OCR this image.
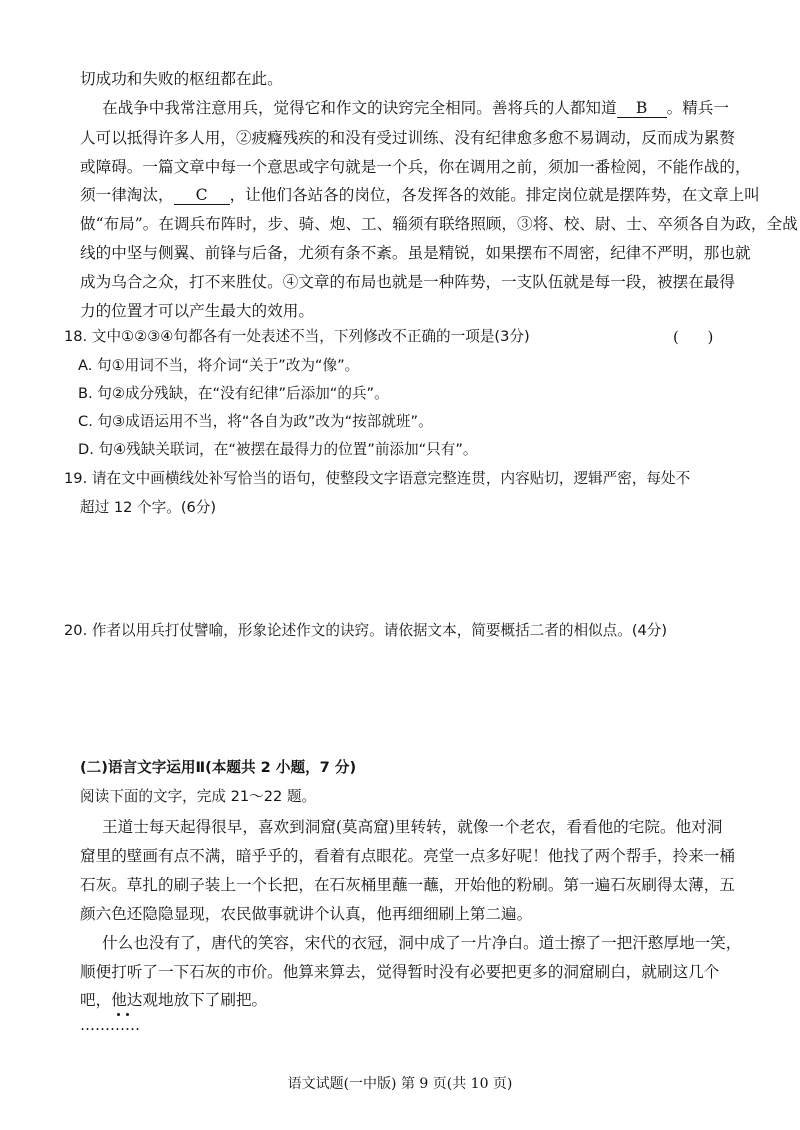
切成功和失败的枢纽都在此。

在战争中我常注意用兵，觉得它和作文的诀窍完全相同。善将兵的人都知道 B 。精兵一

人可以抵得许多人用，②疲癃残疾的和没有受过训练、没有纪律愈多愈不易调动，反而成为累赘

或障碍。一篇文章中每一个意思或字句就是一个兵，你在调用之前，须加一番检阅，不能作战的，

须一律淘汰， C ，让他们各站各的岗位，各发挥各的效能。排定岗位就是摆阵势，在文章上叫

做“布局”。在调兵布阵时，步、骑、炮、工、辎须有联络照顾，③将、校、尉、士、卒须各自为政，全战

线的中坚与侧翼、前锋与后备，尤须有条不紊。虽是精锐，如果摆布不周密，纪律不严明，那也就

成为乌合之众，打不来胜仗。④文章的布局也就是一种阵势，一支队伍就是每一段，被摆在最得

力的位置才可以产生最大的效用。

18. 文中①②③④句都各有一处表述不当，下列修改不正确的一项是(3分)	(      )

A. 句①用词不当，将介词“关于”改为“像”。

B. 句②成分残缺，在“没有纪律”后添加“的兵”。

C. 句③成语运用不当，将“各自为政”改为“按部就班”。

D. 句④残缺关联词，在“被摆在最得力的位置”前添加“只有”。

19. 请在文中画横线处补写恰当的语句，使整段文字语意完整连贯，内容贴切，逻辑严密，每处不

超过 12 个字。(6分)

20. 作者以用兵打仗譬喻，形象论述作文的诀窍。请依据文本，简要概括二者的相似点。(4分)

(二)语言文字运用Ⅱ(本题共 2 小题，7 分)

阅读下面的文字，完成 21～22 题。

王道士每天起得很早，喜欢到洞窟(莫高窟)里转转，就像一个老农，看看他的宅院。他对洞

窟里的壁画有点不满，暗乎乎的，看着有点眼花。亮堂一点多好呢！他找了两个帮手，拎来一桶

石灰。草扎的刷子装上一个长把，在石灰桶里蘸一蘸，开始他的粉刷。第一遍石灰刷得太薄，五

颜六色还隐隐显现，农民做事就讲个认真，他再细细刷上第二遍。

什么也没有了，唐代的笑容，宋代的衣冠，洞中成了一片净白。道士擦了一把汗憨厚地一笑，

顺便打听了一下石灰的市价。他算来算去，觉得暂时没有必要把更多的洞窟刷白，就刷这几个

吧，他达观地放下了刷把。

…………
语文试题(一中版) 第 9 页(共 10 页)
